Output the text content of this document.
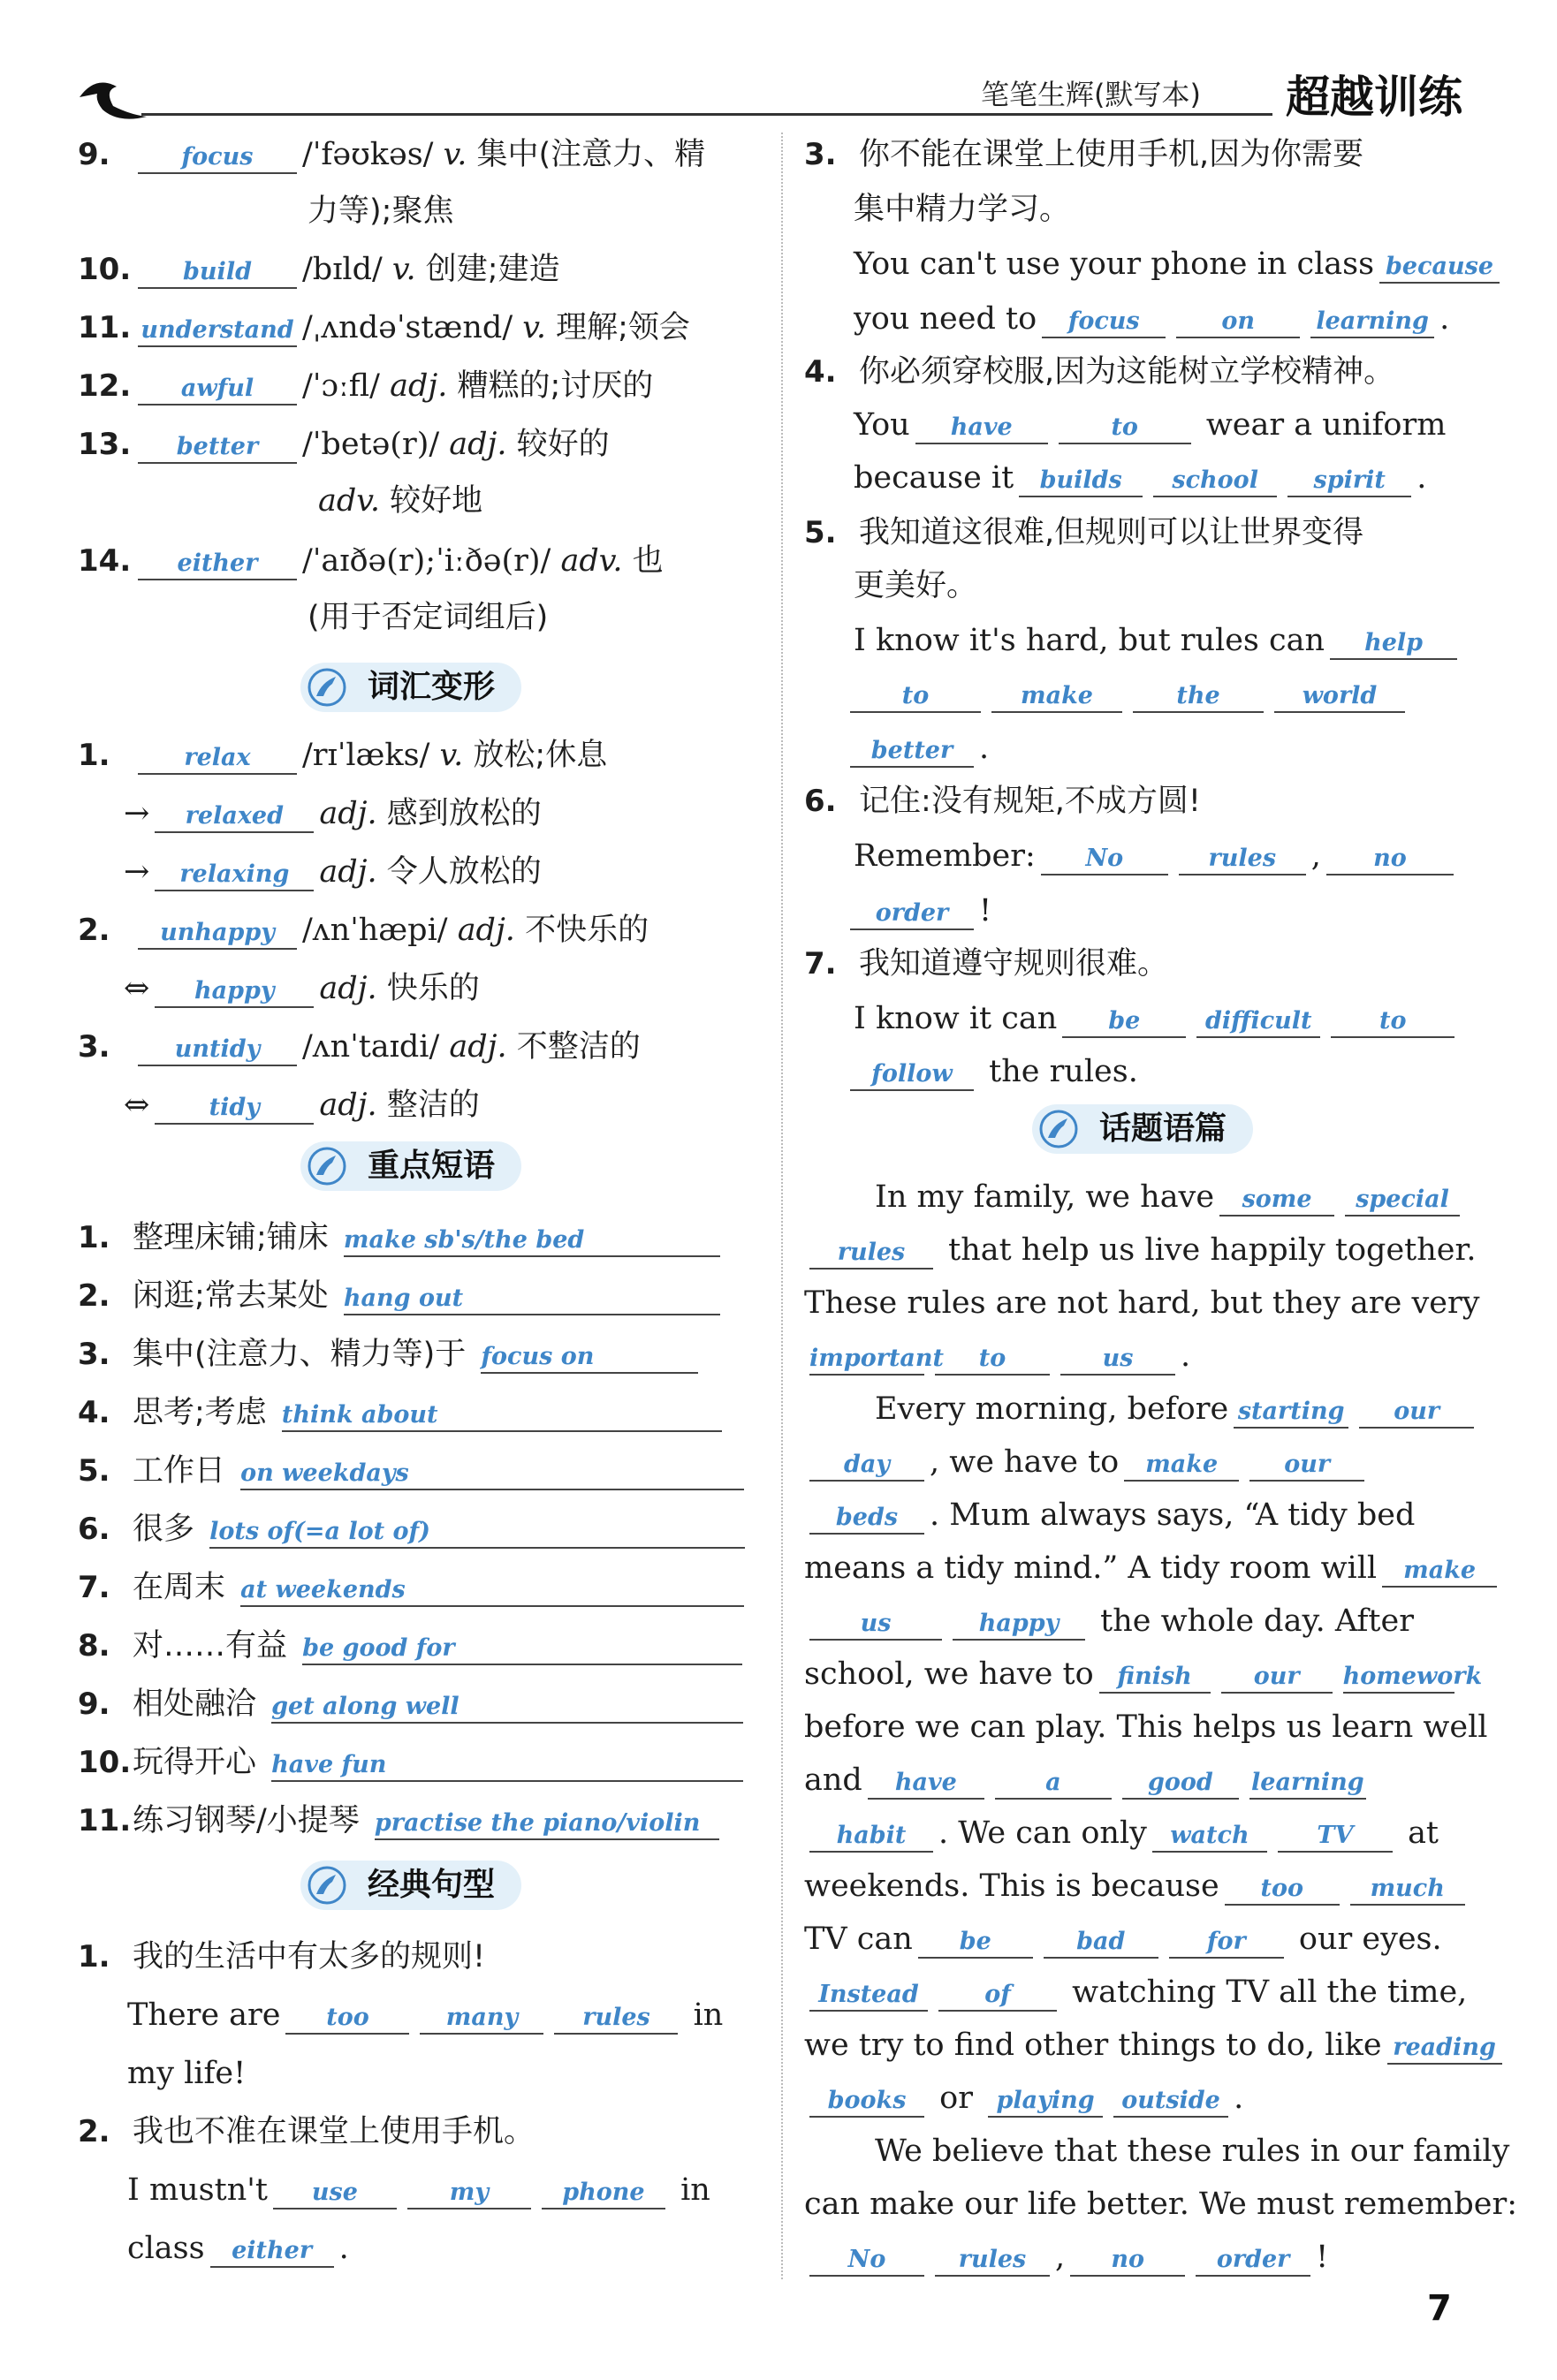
笔笔生辉(默写本) 超越训练
9.	focus /ˈfəʊkəs/ v. 集中(注意力、精
力等);聚焦
10. build /bɪld/ v. 创建;建造
11. understand /ˌʌndəˈstænd/ v. 理解;领会
12. awful /ˈɔːfl/ adj. 糟糕的;讨厌的
13. better /ˈbetə(r)/ adj. 较好的
adv. 较好地
14. either /ˈaɪðə(r);ˈiːðə(r)/ adv. 也
(用于否定词组后)
词汇变形
1.	relax /rɪˈlæks/ v. 放松;休息
→ relaxed adj. 感到放松的
→ relaxing adj. 令人放松的
2. unhappy /ʌnˈhæpi/ adj. 不快乐的
⇔ happy adj. 快乐的
3.	untidy /ʌnˈtaɪdi/ adj. 不整洁的
⇔ tidy adj. 整洁的
重点短语
1. 整理床铺;铺床 make sb's/the bed
2. 闲逛;常去某处 hang out
3. 集中(注意力、精力等)于 focus on
4. 思考;考虑 think about
5. 工作日 on weekdays
6. 很多 lots of(=a lot of)
7. 在周末 at weekends
8. 对……有益 be good for
9. 相处融洽 get along well
10.玩得开心 have fun
11.练习钢琴/小提琴 practise the piano/violin
经典句型
1. 我的生活中有太多的规则!
There are too	many	rules in
my life!
2. 我也不准在课堂上使用手机。
I mustn't use	my	phone in
class either .
3. 你不能在课堂上使用手机,因为你需要
集中精力学习。
You can't use your phone in class because
you need to focus	on	learning .
4. 你必须穿校服,因为这能树立学校精神。
You have	to wear a uniform
because it builds school spirit .
5. 我知道这很难,但规则可以让世界变得
更美好。
I know it's hard, but rules can help
to	make	the	world
better .
6. 记住:没有规矩,不成方圆!
Remember: No	rules , no
order !
7. 我知道遵守规则很难。
I know it can be	difficult	to
follow the rules.
话题语篇
In my family, we have some special
rules that help us live happily together.
These rules are not hard, but they are very
important to	us .
Every morning, before starting our
day , we have to make	our
beds . Mum always says, “A tidy bed
means a tidy mind.” A tidy room will make
us	happy the whole day. After
school, we have to finish	our homework
before we can play. This helps us learn well
and have	a	good learning
habit . We can only watch	TV at
weekends. This is because too	much
TV can be	bad	for our eyes.
Instead	of watching TV all the time,
we try to find other things to do, like reading
books or playing outside .
We believe that these rules in our family
can make our life better. We must remember:
No	rules , no	order !
7
